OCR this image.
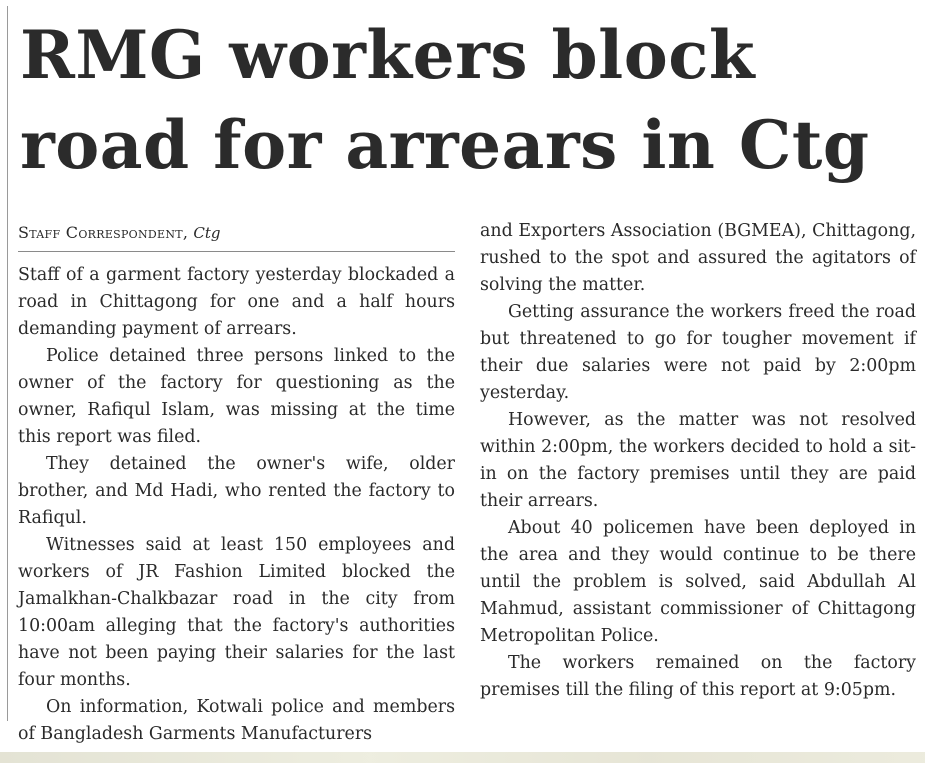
RMG workers block
road for arrears in Ctg
Staff Correspondent, Ctg

Staff of a garment factory yesterday blockaded a road in Chittagong for one and a half hours demanding payment of arrears.

Police detained three persons linked to the owner of the factory for questioning as the owner, Rafiqul Islam, was missing at the time this report was filed.

They detained the owner's wife, older brother, and Md Hadi, who rented the factory to Rafiqul.

Witnesses said at least 150 employees and workers of JR Fashion Limited blocked the Jamalkhan-Chalkbazar road in the city from 10:00am alleging that the factory's authorities have not been paying their salaries for the last four months.

On information, Kotwali police and members of Bangladesh Garments Manufacturers

and Exporters Association (BGMEA), Chittagong, rushed to the spot and assured the agitators of solving the matter.

Getting assurance the workers freed the road but threatened to go for tougher movement if their due salaries were not paid by 2:00pm yesterday.

However, as the matter was not resolved within 2:00pm, the workers decided to hold a sit-in on the factory premises until they are paid their arrears.

About 40 policemen have been deployed in the area and they would continue to be there until the problem is solved, said Abdullah Al Mahmud, assistant commissioner of Chittagong Metropolitan Police.

The workers remained on the factory premises till the filing of this report at 9:05pm.
